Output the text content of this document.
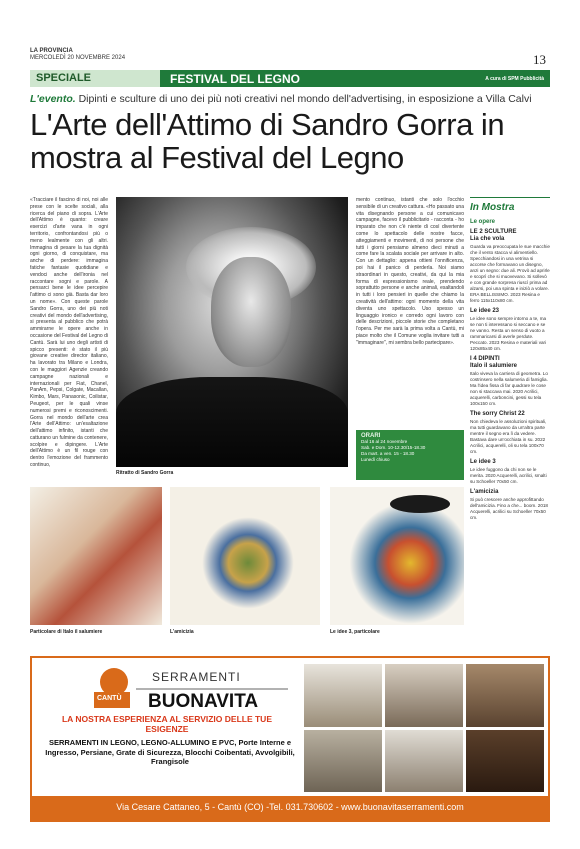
LA PROVINCIA
MERCOLEDÌ 20 NOVEMBRE 2024	13
SPECIALE	FESTIVAL DEL LEGNO	A cura di SPM Pubblicità
L'evento. Dipinti e sculture di uno dei più noti creativi nel mondo dell'advertising, in esposizione a Villa Calvi
L'Arte dell'Attimo di Sandro Gorra in mostra al Festival del Legno
«Tracciare il fascino di noi, noi alle prese con le scelte sociali, alla ricerca del piano di sopra. L'Arte dell'Attimo è quanto: creare esercizi d'arte vana in ogni territorio, confrontandosi più o meno lealmente con gli altri. Immagina di pesare la tua dignità ogni giorno, di conquistare, ma anche di perdere: immagina fatiche fantasie quotidiane e vendoci anche dell'ironia nel raccontare sogni e parole. A pensarci bene le idee percepire l'attimo ci sono già. Basta dar loro un nome». Con queste parole Sandro Gorra, uno dei più noti creativi del mondo dell'advertising, si presenta al pubblico che potrà ammirarne le opere anche in occasione del Festival del Legno di Cantù. Sarà lui uno degli artisti di spicco presenti: è stato il più giovane creative director italiano, ha lavorato tra Milano e Londra, con le maggiori Agenzie creando campagne nazionali e internazionali per Fiat, Chanel, PanAm, Pepsi, Colgate, Macallan, Kimbo, Mars, Panasonic, Coilistar, Peugeot, per le quali vinse numerosi premi e riconoscimenti. Gorra nel mondo dell'arte crea l'Arte dell'Attimo: un'esaltazione dell'attimo infinito, istanti che catturano un fulmine da contenere, scolpire e dipingere. L'Arte dell'Attimo è un fil rouge con dentro l'emozione del frammento continuo,
Ritratto di Sandro Gorra
mento continuo, istanti che solo l'occhio sensibile di un creativo cattura. «Ho passato una vita disegnando persone a cui comunicavo campagne, facevo il pubblicitario - racconta - ho imparato che non c'è niente di così divertente come lo spettacolo delle nostre facce, atteggiamenti e movimenti, di noi persone che tutti i giorni pensiamo almeno dieci minuti a come fare la scalata sociale per arrivare in alto. Con un dettaglio: appena ottieni l'onnificenza, poi hai il panico di perderla. Noi siamo straordinari in questo, creativi, da qui la mia forma di espressionismo reale, prendendo soprattutto persone e anche animali, esaltandoli in tutti i loro pensieri in quelle che chiamo la creatività dell'attimo: ogni momento della vita diventa uno spettacolo. Uso spesso un linguaggio ironico e corredo ogni lavoro con delle descrizioni, piccole storie che completano l'opera. Per me sarà la prima volta a Cantù, mi piace molto che il Comune voglia invitare tutti a "immaginare", mi sembra bello partecipare».
ORARI
Dal 16 al 24 novembre
Sab. e Dom. 10-12.30/15-18.30
Da mart. a ven. 15 - 18.30
Lunedì chiuso
In Mostra
Le opere
LE 2 SCULTURE
Lia che vola
Guarda va preoccupata le sue macchie che il vento stacca vi alimentiello. Specchiandosi in una vetrina si accorse che formavano un disegno, anzi un segno: due ali. Provò ad aprirle e scoprì che si muovevano. Si sollevò e con grande sorpresa riuscì prima ad alzarsi, poi una spinta e iniziò a volare. ERA BELLISSIMO. 2023 Resina e ferro 115x110x80 cm.
Le idee 23
Le idee sono sempre intorno a te, ma se non ti interessano si seccano e se ne vanno. Resta un senso di vuoto a rammaricarsi di averle perdute. Peccato. 2023 Resina e materiali vari 120x85x40 cm.
I 4 DIPINTI
Italo il salumiere
Italo viveva la carriera di geometra. Lo costrinsero nella salumeria di famiglia. Ma l'idea fissa di far quadrare le cose non si staccava mai. 2020 Acrilici, acquerelli, carboncini, gessi su tela 100x150 cm.
The sorry Christ 22
Non chiedeva le assoluzioni spirituali, ma tutti guardavano da un'altra parte mentre il segno era lì da vedere. Bastava dare un'occhiata in su. 2022 Acrilici, acquerelli, oli su tela 100x70 cm.
Le idee 3
Le idee fuggono da chi non se le merita. 2020 Acquerelli, acrilici, smalti su Schoeller 70x50 cm.
L'amicizia
Si può crescere anche approfittando dell'amicizia. Fino a che... boom. 2018 Acquerelli, acrilici su Schoeller 70x50 cm.
Particolare di Italo il salumiere	L'amicizia	Le idee 3, particolare
SERRAMENTI
CANTÙ BUONAVITA
LA NOSTRA ESPERIENZA AL SERVIZIO DELLE TUE ESIGENZE
SERRAMENTI IN LEGNO, LEGNO-ALLUMINO E PVC, Porte Interne e Ingresso, Persiane, Grate di Sicurezza, Blocchi Coibentati, Avvolgibili, Frangisole
Via Cesare Cattaneo, 5 - Cantù (CO) -Tel. 031.730602 - www.buonavitaserramenti.com
